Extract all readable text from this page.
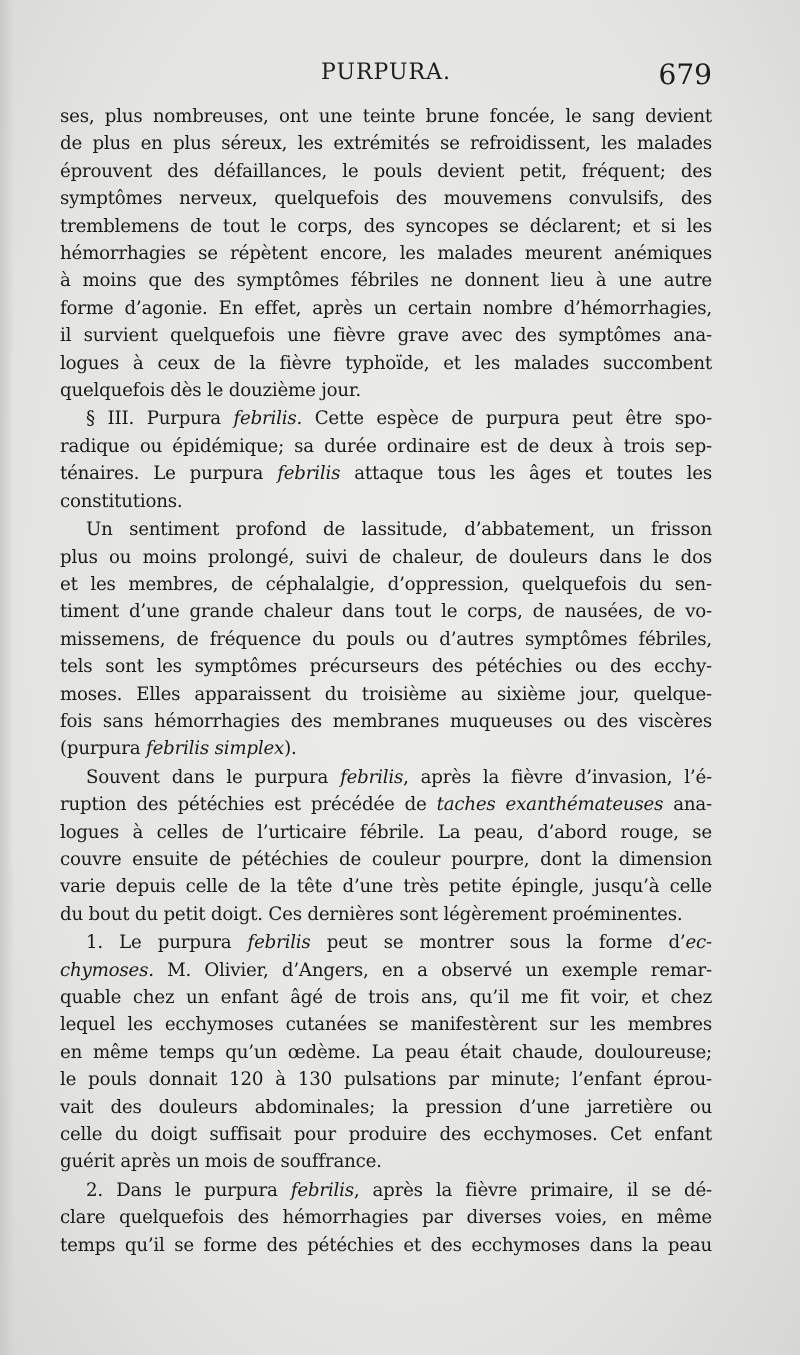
PURPURA.	679
ses, plus nombreuses, ont une teinte brune foncée, le sang devient
de plus en plus séreux, les extrémités se refroidissent, les malades
éprouvent des défaillances, le pouls devient petit, fréquent; des
symptômes nerveux, quelquefois des mouvemens convulsifs, des
tremblemens de tout le corps, des syncopes se déclarent; et si les
hémorrhagies se répètent encore, les malades meurent anémiques
à moins que des symptômes fébriles ne donnent lieu à une autre
forme d’agonie. En effet, après un certain nombre d’hémorrhagies,
il survient quelquefois une fièvre grave avec des symptômes ana-
logues à ceux de la fièvre typhoïde, et les malades succombent
quelquefois dès le douzième jour.
§ III. Purpura febrilis. Cette espèce de purpura peut être spo-
radique ou épidémique; sa durée ordinaire est de deux à trois sep-
ténaires. Le purpura febrilis attaque tous les âges et toutes les
constitutions.
Un sentiment profond de lassitude, d’abbatement, un frisson
plus ou moins prolongé, suivi de chaleur, de douleurs dans le dos
et les membres, de céphalalgie, d’oppression, quelquefois du sen-
timent d’une grande chaleur dans tout le corps, de nausées, de vo-
missemens, de fréquence du pouls ou d’autres symptômes fébriles,
tels sont les symptômes précurseurs des pétéchies ou des ecchy-
moses. Elles apparaissent du troisième au sixième jour, quelque-
fois sans hémorrhagies des membranes muqueuses ou des viscères
(purpura febrilis simplex).
Souvent dans le purpura febrilis, après la fièvre d’invasion, l’é-
ruption des pétéchies est précédée de taches exanthémateuses ana-
logues à celles de l’urticaire fébrile. La peau, d’abord rouge, se
couvre ensuite de pétéchies de couleur pourpre, dont la dimension
varie depuis celle de la tête d’une très petite épingle, jusqu’à celle
du bout du petit doigt. Ces dernières sont légèrement proéminentes.
1. Le purpura febrilis peut se montrer sous la forme d’ec-
chymoses. M. Olivier, d’Angers, en a observé un exemple remar-
quable chez un enfant âgé de trois ans, qu’il me fit voir, et chez
lequel les ecchymoses cutanées se manifestèrent sur les membres
en même temps qu’un œdème. La peau était chaude, douloureuse;
le pouls donnait 120 à 130 pulsations par minute; l’enfant éprou-
vait des douleurs abdominales; la pression d’une jarretière ou
celle du doigt suffisait pour produire des ecchymoses. Cet enfant
guérit après un mois de souffrance.
2. Dans le purpura febrilis, après la fièvre primaire, il se dé-
clare quelquefois des hémorrhagies par diverses voies, en même
temps qu’il se forme des pétéchies et des ecchymoses dans la peau
